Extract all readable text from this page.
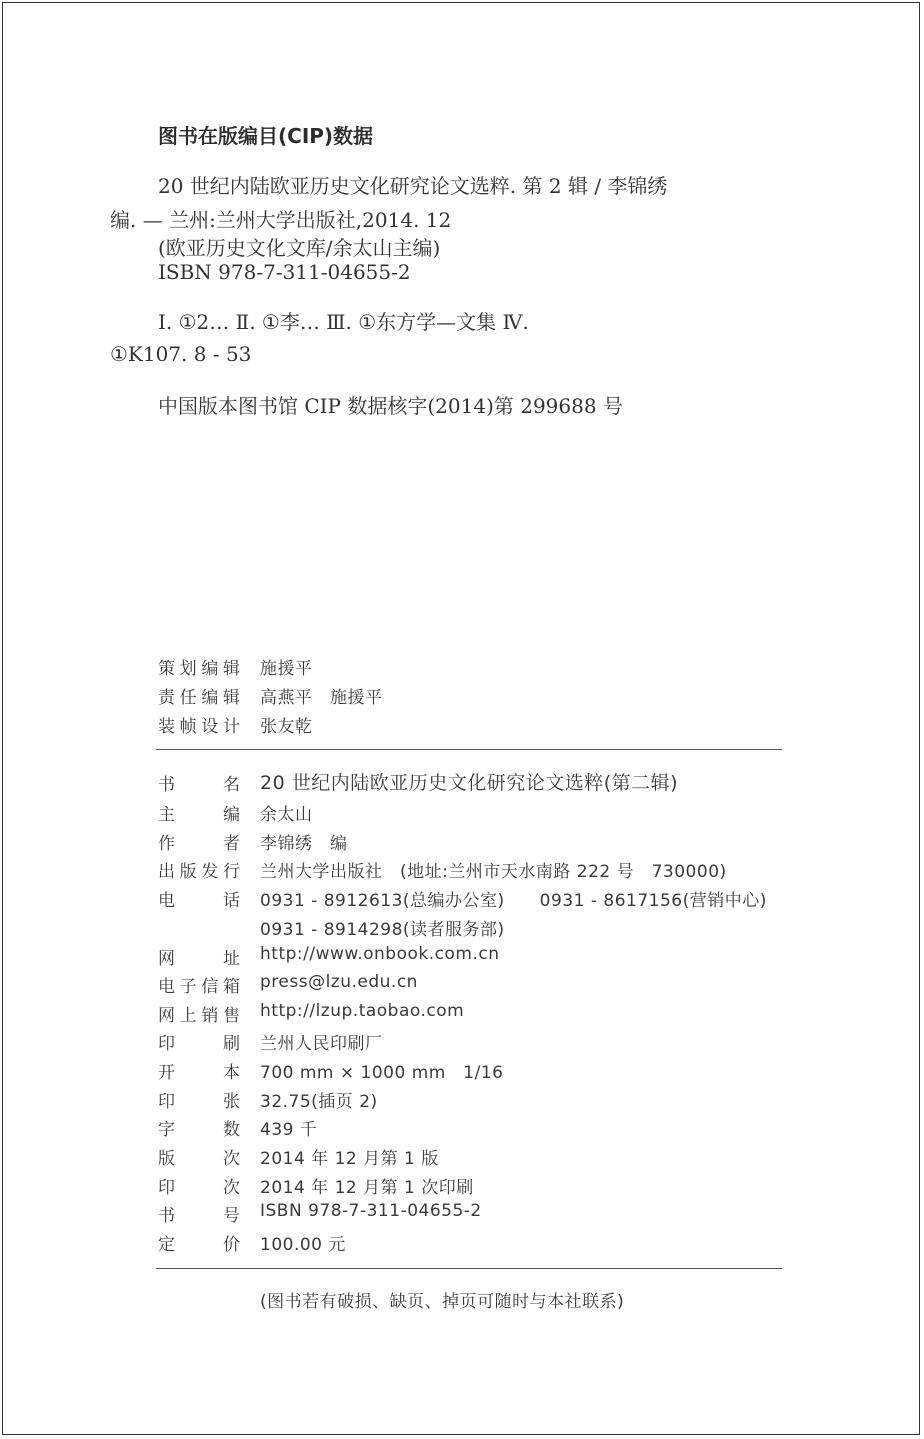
图书在版编目(CIP)数据
20 世纪内陆欧亚历史文化研究论文选粹. 第 2 辑 / 李锦绣
编. — 兰州:兰州大学出版社,2014. 12
(欧亚历史文化文库/余太山主编)
ISBN 978-7-311-04655-2
Ⅰ. ①2… Ⅱ. ①李… Ⅲ. ①东方学—文集 Ⅳ.
①K107. 8 - 53
中国版本图书馆 CIP 数据核字(2014)第 299688 号
策划编辑 施援平
责任编辑 高燕平　施援平
装帧设计 张友乾
书名 20 世纪内陆欧亚历史文化研究论文选粹(第二辑)
主编 余太山
作者 李锦绣　编
出版发行 兰州大学出版社　(地址:兰州市天水南路 222 号　730000)
电话 0931 - 8912613(总编办公室)　　0931 - 8617156(营销中心)
0931 - 8914298(读者服务部)
网址 http://www.onbook.com.cn
电子信箱 press@lzu.edu.cn
网上销售 http://lzup.taobao.com
印刷 兰州人民印刷厂
开本 700 mm × 1000 mm　1/16
印张 32.75(插页 2)
字数 439 千
版次 2014 年 12 月第 1 版
印次 2014 年 12 月第 1 次印刷
书号 ISBN 978-7-311-04655-2
定价 100.00 元
(图书若有破损、缺页、掉页可随时与本社联系)
